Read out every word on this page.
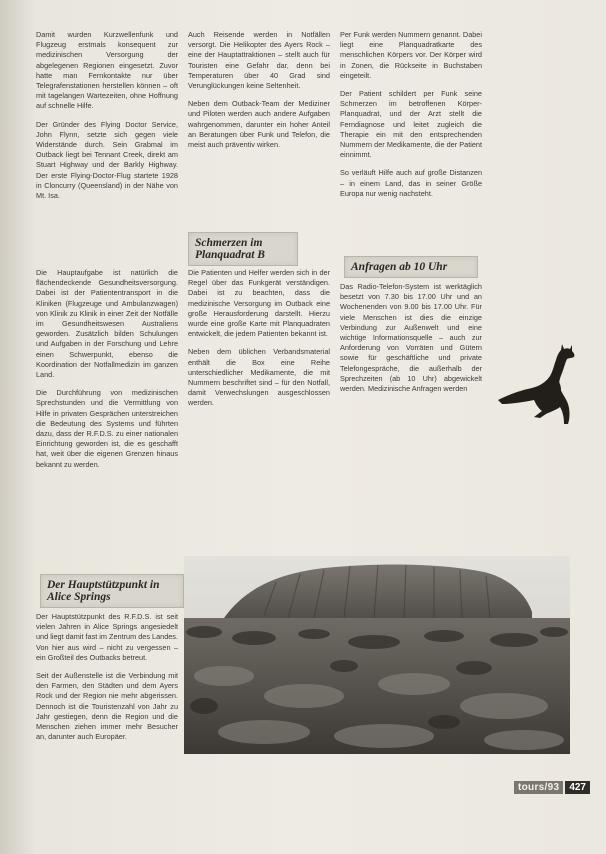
Damit wurden Kurzwellenfunk und Flugzeug erstmals konsequent zur medizinischen Versorgung der abgelegenen Regionen eingesetzt. Zuvor hatte man Fernkontakte nur über Telegrafenstationen herstellen können – oft mit tagelangen Wartezeiten, ohne Hoffnung auf schnelle Hilfe.

Der Gründer des Flying Doctor Service, John Flynn, setzte sich gegen viele Widerstände durch. Sein Grabmal im Outback liegt bei Tennant Creek, direkt am Stuart Highway und der Barkly Highway. Der erste Flying-Doctor-Flug startete 1928 in Cloncurry (Queensland) in der Nähe von Mt. Isa.

Die Hauptaufgabe ist natürlich die flächendeckende Gesundheitsversorgung. Dabei ist der Patiententransport in die Kliniken (Flugzeuge und Ambulanzwagen) von Klinik zu Klinik in einer Zeit der Notfälle im Gesundheitswesen Australiens geworden. Zusätzlich bilden Schulungen und Aufgaben in der Forschung und Lehre einen Schwerpunkt, ebenso die Koordination der Notfallmedizin im ganzen Land.

Die Durchführung von medizinischen Sprechstunden und die Vermittlung von Hilfe in privaten Gesprächen unterstreichen die Bedeutung des Systems und führten dazu, dass der R.F.D.S. zu einer nationalen Einrichtung geworden ist, die es geschafft hat, weit über die eigenen Grenzen hinaus bekannt zu werden.

Auch Reisende werden in Notfällen versorgt. Die Helikopter des Ayers Rock – eine der Hauptattraktionen – stellt auch für Touristen eine Gefahr dar, denn bei Temperaturen über 40 Grad sind Verunglückungen keine Seltenheit.

Neben dem Outback-Team der Mediziner und Piloten werden auch andere Aufgaben wahrgenommen, darunter ein hoher Anteil an Beratungen über Funk und Telefon, die meist auch präventiv wirken.

Schmerzen im Planquadrat B

Die Patienten und Helfer werden sich in der Regel über das Funkgerät verständigen. Dabei ist zu beachten, dass die medizinische Versorgung im Outback eine große Herausforderung darstellt. Hierzu wurde eine große Karte mit Planquadraten entwickelt, die jedem Patienten bekannt ist.

Neben dem üblichen Verbandsmaterial enthält die Box eine Reihe unterschiedlicher Medikamente, die mit Nummern beschriftet sind – für den Notfall, damit Verwechslungen ausgeschlossen werden.

Per Funk werden Nummern genannt. Dabei liegt eine Planquadratkarte des menschlichen Körpers vor. Der Körper wird in Zonen, die Rückseite in Buchstaben eingeteilt.

Der Patient schildert per Funk seine Schmerzen im betroffenen Körper-Planquadrat, und der Arzt stellt die Ferndiagnose und leitet zugleich die Therapie ein mit den entsprechenden Nummern der Medikamente, die der Patient einnimmt.

So verläuft Hilfe auch auf große Distanzen – in einem Land, das in seiner Größe Europa nur wenig nachsteht.

Anfragen ab 10 Uhr

Das Radio-Telefon-System ist werktäglich besetzt von 7.30 bis 17.00 Uhr und an Wochenenden von 9.00 bis 17.00 Uhr. Für viele Menschen ist dies die einzige Verbindung zur Außenwelt und eine wichtige Informationsquelle – auch zur Anforderung von Vorräten und Gütern sowie für geschäftliche und private Telefongespräche, die außerhalb der Sprechzeiten (ab 10 Uhr) abgewickelt werden. Medizinische Anfragen werden

Der Hauptstützpunkt in Alice Springs

Der Hauptstützpunkt des R.F.D.S. ist seit vielen Jahren in Alice Springs angesiedelt und liegt damit fast im Zentrum des Landes. Von hier aus wird – nicht zu vergessen – ein Großteil des Outbacks betreut.

Seit der Außenstelle ist die Verbindung mit den Farmen, den Städten und dem Ayers Rock und der Region nie mehr abgerissen. Dennoch ist die Touristenzahl von Jahr zu Jahr gestiegen, denn die Region und die Menschen ziehen immer mehr Besucher an, darunter auch Europäer.

tours/93	427
